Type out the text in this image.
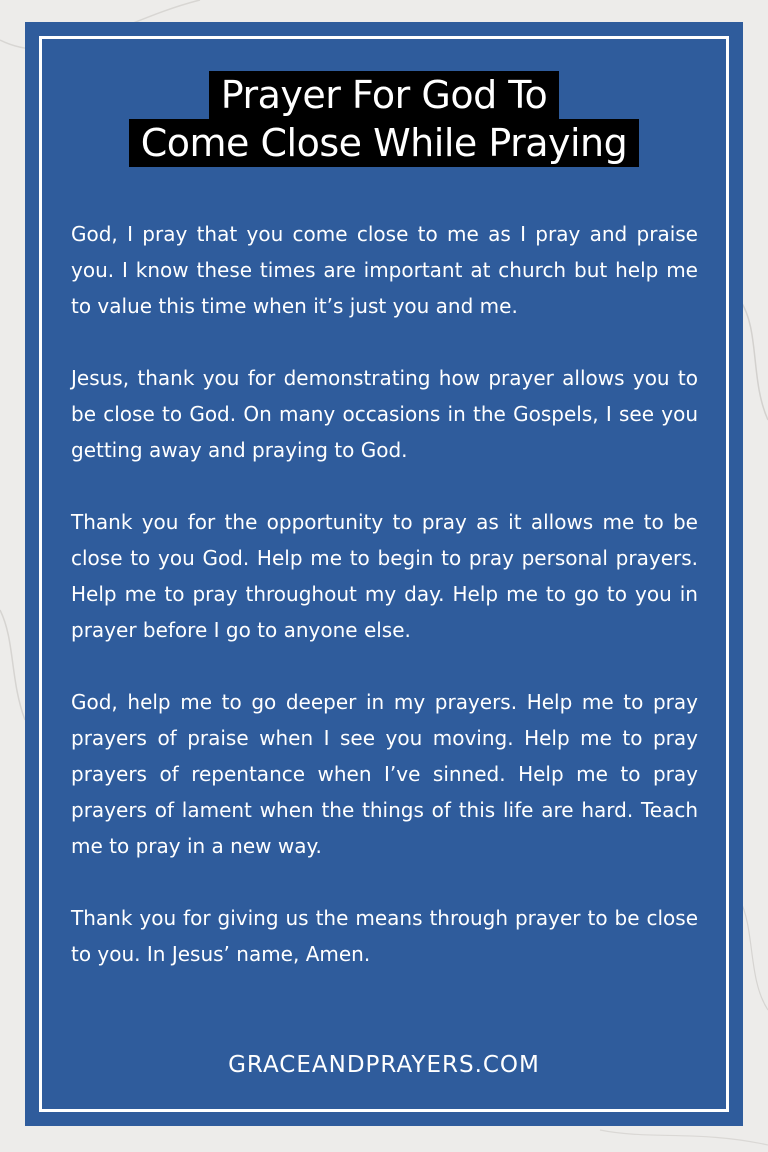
Prayer For God To
Come Close While Praying

God, I pray that you come close to me as I pray and praise you. I know these times are important at church but help me to value this time when it’s just you and me.

Jesus, thank you for demonstrating how prayer allows you to be close to God. On many occasions in the Gospels, I see you getting away and praying to God.

Thank you for the opportunity to pray as it allows me to be close to you God. Help me to begin to pray personal prayers. Help me to pray throughout my day. Help me to go to you in prayer before I go to anyone else.

God, help me to go deeper in my prayers. Help me to pray prayers of praise when I see you moving. Help me to pray prayers of repentance when I’ve sinned. Help me to pray prayers of lament when the things of this life are hard. Teach me to pray in a new way.

Thank you for giving us the means through prayer to be close to you. In Jesus’ name, Amen.

GRACEANDPRAYERS.COM
